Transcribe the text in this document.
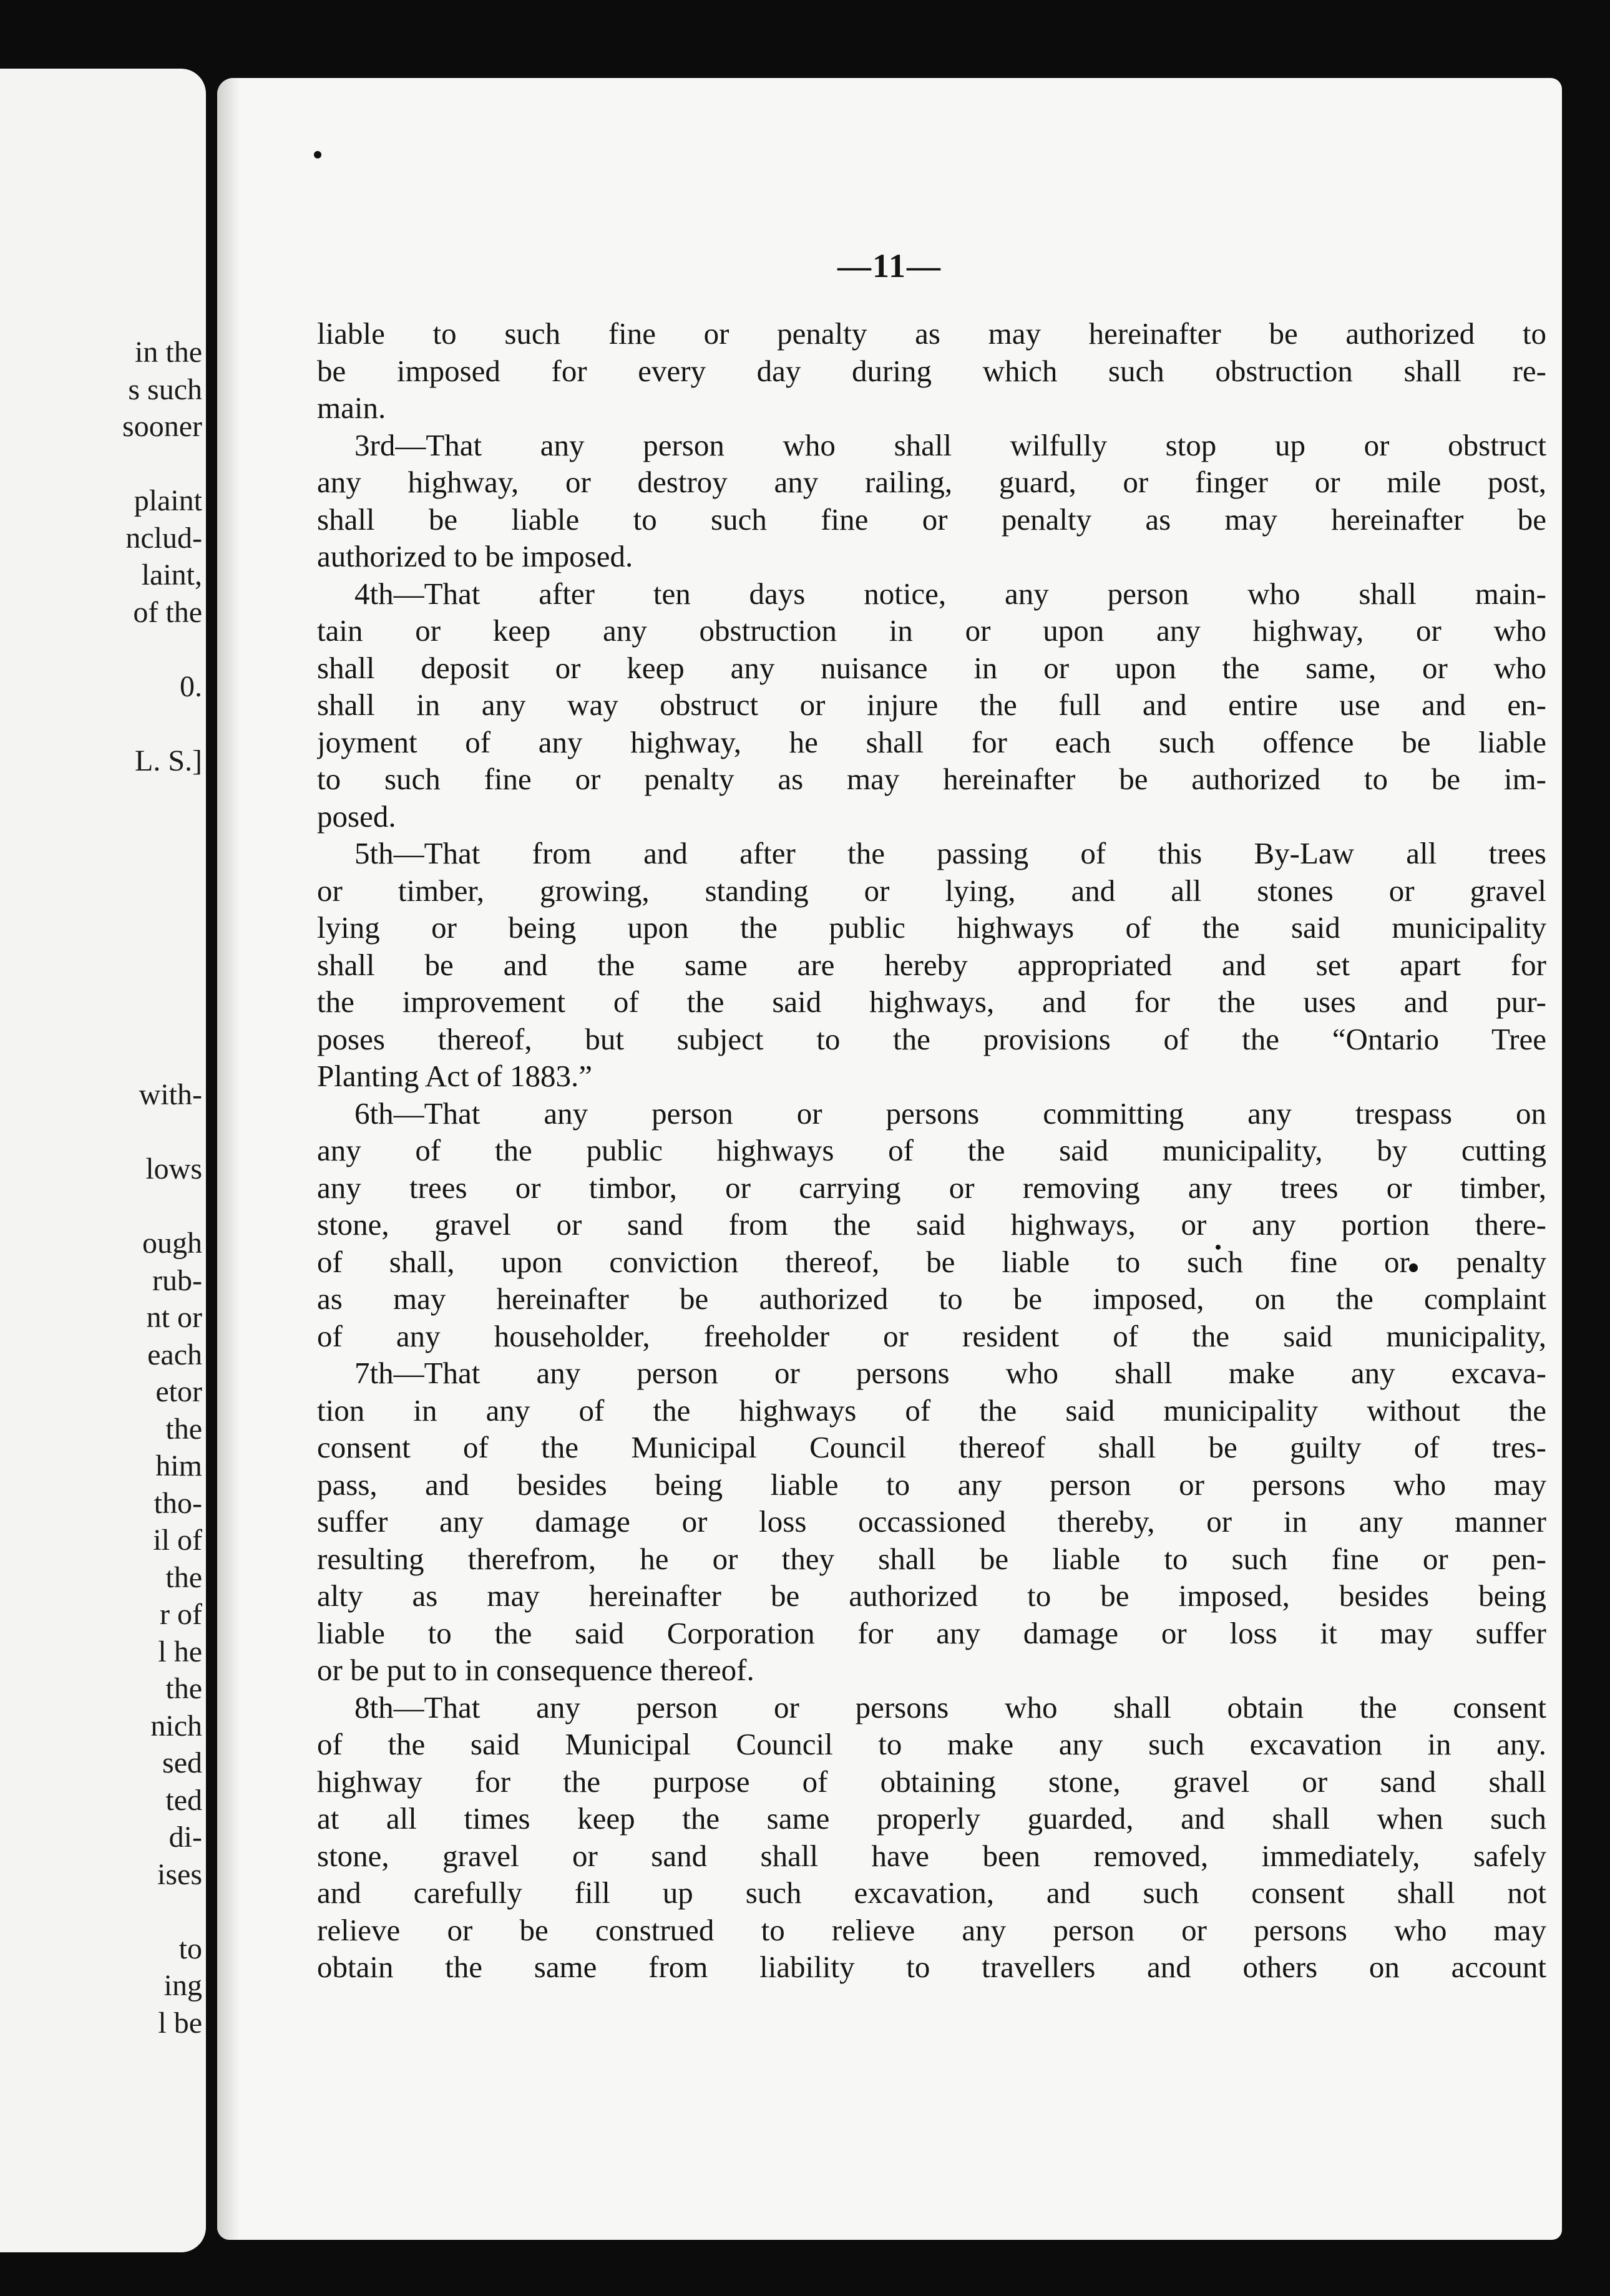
in the

s such

sooner

plaint

nclud-

laint,

of the

0.

L. S.]

with-

lows

ough

rub-

nt or

each

etor

the

him

tho-

il of

the

r of

l he

the

nich

sed

ted

di-

ises

to

ing

l be

—11—

liable to such fine or penalty as may hereinafter be authorized to

be imposed for every day during which such obstruction shall re-

main.

3rd—That any person who shall wilfully stop up or obstruct

any highway, or destroy any railing, guard, or finger or mile post,

shall be liable to such fine or penalty as may hereinafter be

authorized to be imposed.

4th—That after ten days notice, any person who shall main-

tain or keep any obstruction in or upon any highway, or who

shall deposit or keep any nuisance in or upon the same, or who

shall in any way obstruct or injure the full and entire use and en-

joyment of any highway, he shall for each such offence be liable

to such fine or penalty as may hereinafter be authorized to be im-

posed.

5th—That from and after the passing of this By-Law all trees

or timber, growing, standing or lying, and all stones or gravel

lying or being upon the public highways of the said municipality

shall be and the same are hereby appropriated and set apart for

the improvement of the said highways, and for the uses and pur-

poses thereof, but subject to the provisions of the “Ontario Tree

Planting Act of 1883.”

6th—That any person or persons committing any trespass on

any of the public highways of the said municipality, by cutting

any trees or timbor, or carrying or removing any trees or timber,

stone, gravel or sand from the said highways, or any portion there-

of shall, upon conviction thereof, be liable to such fine or penalty

as may hereinafter be authorized to be imposed, on the complaint

of any householder, freeholder or resident of the said municipality,

7th—That any person or persons who shall make any excava-

tion in any of the highways of the said municipality without the

consent of the Municipal Council thereof shall be guilty of tres-

pass, and besides being liable to any person or persons who may

suffer any damage or loss occassioned thereby, or in any manner

resulting therefrom, he or they shall be liable to such fine or pen-

alty as may hereinafter be authorized to be imposed, besides being

liable to the said Corporation for any damage or loss it may suffer

or be put to in consequence thereof.

8th—That any person or persons who shall obtain the consent

of the said Municipal Council to make any such excavation in any.

highway for the purpose of obtaining stone, gravel or sand shall

at all times keep the same properly guarded, and shall when such

stone, gravel or sand shall have been removed, immediately, safely

and carefully fill up such excavation, and such consent shall not

relieve or be construed to relieve any person or persons who may

obtain the same from liability to travellers and others on account
